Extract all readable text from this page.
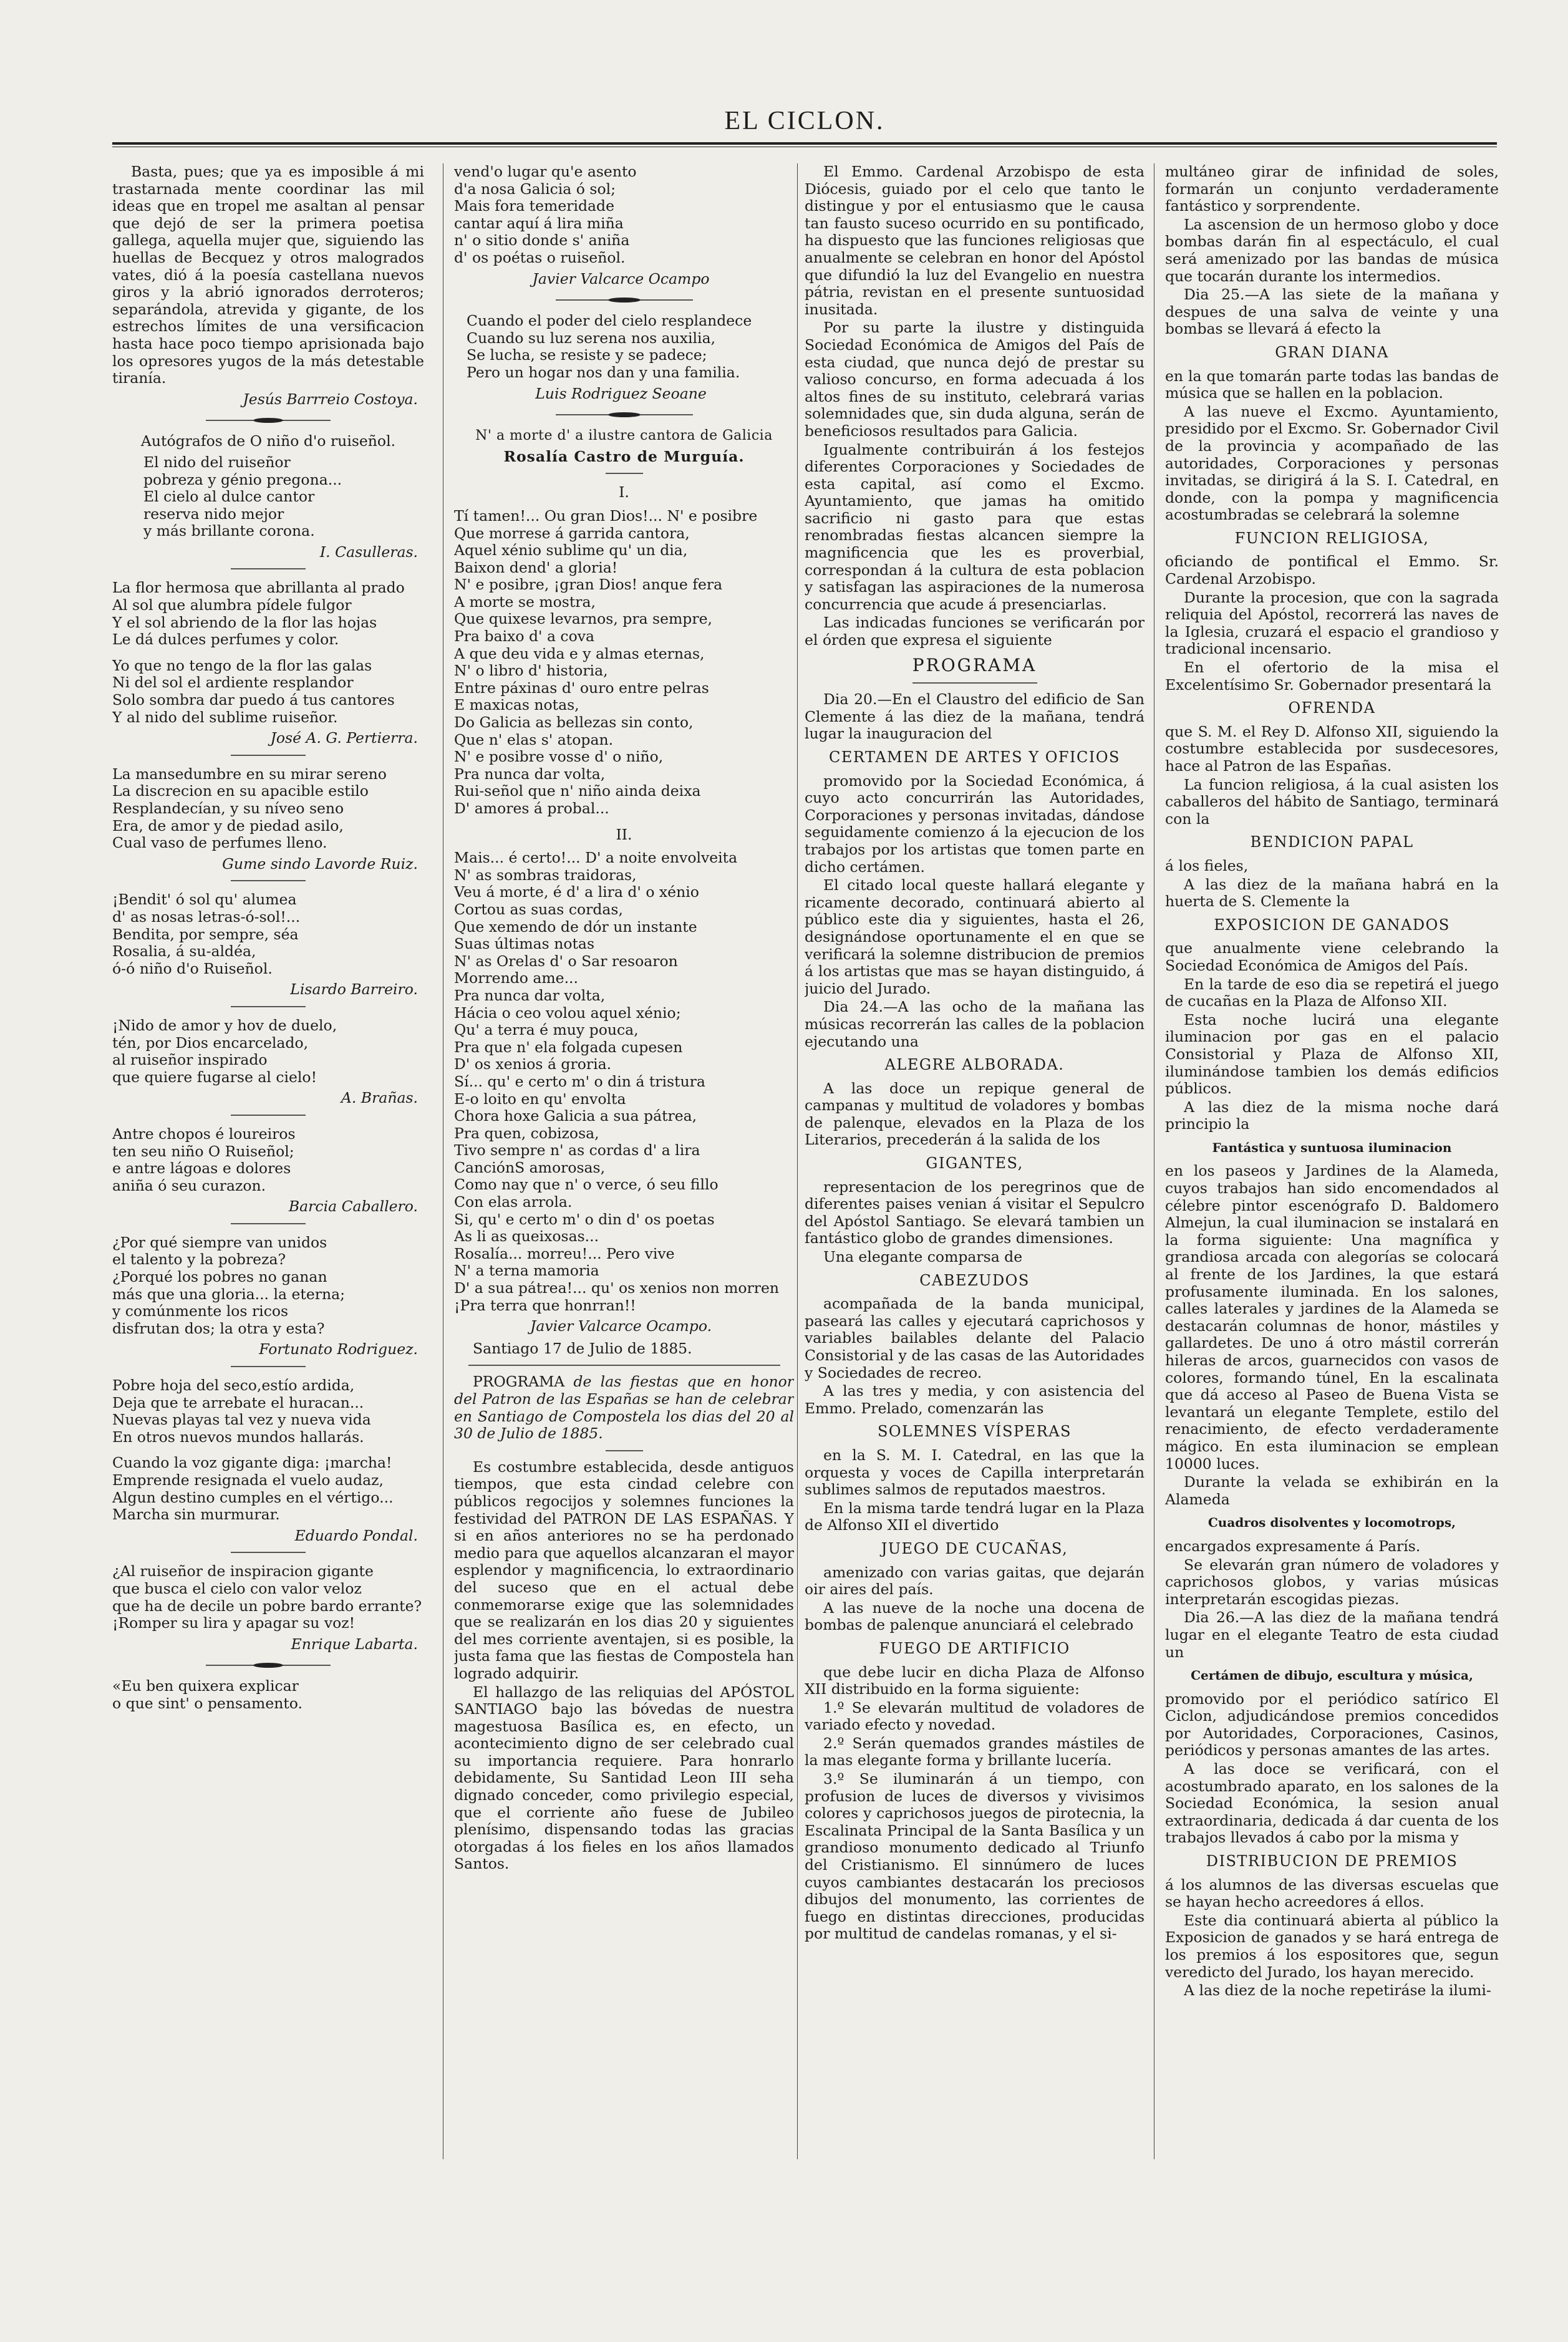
EL CICLON.

Basta, pues; que ya es imposible á mi trastarnada mente coordinar las mil ideas que en tropel me asaltan al pensar que dejó de ser la primera poetisa gallega, aquella mujer que, siguiendo las huellas de Becquez y otros malogrados vates, dió á la poesía castellana nuevos giros y la abrió ignorados derroteros; separándola, atrevida y gigante, de los estrechos límites de una versificacion hasta hace poco tiempo aprisionada bajo los opresores yugos de la más detestable tiranía.

Jesús Barrreio Costoya.
Autógrafos de O niño d'o ruiseñol.
El nido del ruiseñor
pobreza y génio pregona...
El cielo al dulce cantor
reserva nido mejor
y más brillante corona.
I. Casulleras.
La flor hermosa que abrillanta al prado
Al sol que alumbra pídele fulgor
Y el sol abriendo de la flor las hojas
Le dá dulces perfumes y color.
Yo que no tengo de la flor las galas
Ni del sol el ardiente resplandor
Solo sombra dar puedo á tus cantores
Y al nido del sublime ruiseñor.
José A. G. Pertierra.
La mansedumbre en su mirar sereno
La discrecion en su apacible estilo
Resplandecían, y su níveo seno
Era, de amor y de piedad asilo,
Cual vaso de perfumes lleno.
Gume sindo Lavorde Ruiz.
¡Bendit' ó sol qu' alumea
d' as nosas letras-ó-sol!...
Bendita, por sempre, séa
Rosalia, á su-aldéa,
ó-ó niño d'o Ruiseñol.
Lisardo Barreiro.
¡Nido de amor y hov de duelo,
tén, por Dios encarcelado,
al ruiseñor inspirado
que quiere fugarse al cielo!
A. Brañas.
Antre chopos é loureiros
ten seu niño O Ruiseñol;
e antre lágoas e dolores
aniña ó seu curazon.
Barcia Caballero.
¿Por qué siempre van unidos
el talento y la pobreza?
¿Porqué los pobres no ganan
más que una gloria... la eterna;
y comúnmente los ricos
disfrutan dos; la otra y esta?
Fortunato Rodriguez.
Pobre hoja del seco,estío ardida,
Deja que te arrebatе el huracan...
Nuevas playas tal vez y nueva vida
En otros nuevos mundos hallarás.
Cuando la voz gigante diga: ¡marcha!
Emprende resignada el vuelo audaz,
Algun destino cumples en el vértigo...
Marcha sin murmurar.
Eduardo Pondal.
¿Al ruiseñor de inspiracion gigante
que busca el cielo con valor veloz
que ha de decile un pobre bardo errante?
¡Romper su lira y apagar su voz!
Enrique Labarta.
«Eu ben quixera explicar
o que sint' o pensamento.
vend'o lugar qu'e asento
d'a nosa Galicia ó sol;
Mais fora temeridade
cantar aquí á lira miña
n' o sitio donde s' aniña
d' os poétas o ruiseñol.
Javier Valcarce Ocampo
Cuando el poder del cielo resplandece
Cuando su luz serena nos auxilia,
Se lucha, se resiste y se padece;
Pero un hogar nos dan y una familia.
Luis Rodriguez Seoane
N' a morte d' a ilustre cantora de Galicia
Rosalía Castro de Murguía.
I.
Tí tamen!... Ou gran Dios!... N' e posibre
Que morrese á garrida cantora,
Aquel xénio sublime qu' un dia,
Baixon dend' a gloria!
N' e posibre, ¡gran Dios! anque fera
A morte se mostra,
Que quixese levarnos, pra sempre,
Pra baixo d' a cova
A que deu vida e y almas eternas,
N' o libro d' historia,
Entre páxinas d' ouro entre pelras
E maxicas notas,
Do Galicia as bellezas sin conto,
Que n' elas s' atopan.
N' e posibre vosse d' o niño,
Pra nunca dar volta,
Rui-señol que n' niño ainda deixa
D' amores á probal...
II.
Mais... é certo!... D' a noite envolveita
N' as sombras traidoras,
Veu á morte, é d' a lira d' o xénio
Cortou as suas cordas,
Que xemendo de dór un instante
Suas últimas notas
N' as Orelas d' o Sar resoaron
Morrendo ame...
Pra nunca dar volta,
Hácia o ceo volou aquel xénio;
Qu' a terra é muy pouca,
Pra que n' ela folgada cupesen
D' os xenios á groria.
Sí... qu' e certo m' o din á tristura
E-o loito en qu' envolta
Chora hoxe Galicia a sua pátrea,
Pra quen, cobizosa,
Tivo sempre n' as cordas d' a lira
CanciónS amorosas,
Como nay que n' o verce, ó seu fillo
Con elas arrola.
Si, qu' e certo m' o din d' os poetas
As li as queixosas...
Rosalía... morreu!... Pero vive
N' a terna mamoria
D' a sua pátrea!... qu' os xenios non morren
¡Pra terra que honrran!!
Javier Valcarce Ocampo.

Santiago 17 de Julio de 1885.

PROGRAMA de las fiestas que en honor del Patron de las Españas se han de celebrar en Santiago de Compostela los dias del 20 al 30 de Julio de 1885.

Es costumbre establecida, desde antiguos tiempos, que esta cindad celebre con públicos regocijos y solemnes funciones la festividad del PATRON DE LAS ESPAÑAS. Y si en años anteriores no se ha perdonado medio para que aquellos alcanzaran el mayor esplendor y magnificencia, lo extraordinario del suceso que en el actual debe conmemorarse exige que las solemnidades que se realizarán en los dias 20 y siguientes del mes corriente aventajen, si es posible, la justa fama que las fiestas de Compostela han logrado adquirir.

El hallazgo de las reliquias del APÓSTOL SANTIAGO bajo las bóvedas de nuestra magestuosa Basílica es, en efecto, un acontecimiento digno de ser celebrado cual su importancia requiere. Para honrarlo debidamente, Su Santidad Leon III seha dignado conceder, como privilegio especial, que el corriente año fuese de Jubileo plenísimo, dispensando todas las gracias otorgadas á los fieles en los años llamados Santos.

El Emmo. Cardenal Arzobispo de esta Diócesis, guiado por el celo que tanto le distingue y por el entusiasmo que le causa tan fausto suceso ocurrido en su pontificado, ha dispuesto que las funciones religiosas que anualmente se celebran en honor del Apóstol que difundió la luz del Evangelio en nuestra pátria, revistan en el presente suntuosidad inusitada.

Por su parte la ilustre y distinguida Sociedad Económica de Amigos del País de esta ciudad, que nunca dejó de prestar su valioso concurso, en forma adecuada á los altos fines de su instituto, celebrará varias solemnidades que, sin duda alguna, serán de beneficiosos resultados para Galicia.

Igualmente contribuirán á los festejos diferentes Corporaciones y Sociedades de esta capital, así como el Excmo. Ayuntamiento, que jamas ha omitido sacrificio ni gasto para que estas renombradas fiestas alcancen siempre la magnificencia que les es proverbial, correspondan á la cultura de esta poblacion y satisfagan las aspiraciones de la numerosa concurrencia que acude á presenciarlas.

Las indicadas funciones se verificarán por el órden que expresa el siguiente

PROGRAMA

Dia 20.—En el Claustro del edificio de San Clemente á las diez de la mañana, tendrá lugar la inauguracion del

CERTAMEN DE ARTES Y OFICIOS

promovido por la Sociedad Económica, á cuyo acto concurrirán las Autoridades, Corporaciones y personas invitadas, dándose seguidamente comienzo á la ejecucion de los trabajos por los artistas que tomen parte en dicho certámen.

El citado local queste hallará elegante y ricamente decorado, continuará abierto al público este dia y siguientes, hasta el 26, designándose oportunamente el en que se verificará la solemne distribucion de premios á los artistas que mas se hayan distinguido, á juicio del Jurado.

Dia 24.—A las ocho de la mañana las músicas recorrerán las calles de la poblacion ejecutando una

ALEGRE ALBORADA.

A las doce un repique general de campanas y multitud de voladores y bombas de palenque, elevados en la Plaza de los Literarios, precederán á la salida de los

GIGANTES,

representacion de los peregrinos que de diferentes paises venian á visitar el Sepulcro del Apóstol Santiago. Se elevará tambien un fantástico globo de grandes dimensiones.

Una elegante comparsa de

CABEZUDOS

acompañada de la banda municipal, paseará las calles y ejecutará caprichosos y variables bailables delante del Palacio Consistorial y de las casas de las Autoridades y Sociedades de recreo.

A las tres y media, y con asistencia del Emmo. Prelado, comenzarán las

SOLEMNES VÍSPERAS

en la S. M. I. Catedral, en las que la orquesta y voces de Capilla interpretarán sublimes salmos de reputados maestros.

En la misma tarde tendrá lugar en la Plaza de Alfonso XII el divertido

JUEGO DE CUCAÑAS,

amenizado con varias gaitas, que dejarán oir aires del país.

A las nueve de la noche una docena de bombas de palenque anunciará el celebrado

FUEGO DE ARTIFICIO

que debe lucir en dicha Plaza de Alfonso XII distribuido en la forma siguiente:

1.º Se elevarán multitud de voladores de variado efecto y novedad.

2.º Serán quemados grandes mástiles de la mas elegante forma y brillante lucería.

3.º Se iluminarán á un tiempo, con profusion de luces de diversos y vivisimos colores y caprichosos juegos de pirotecnia, la Escalinata Principal de la Santa Basílica y un grandioso monumento dedicado al Triunfo del Cristianismo. El sinnúmero de luces cuyos cambiantes destacarán los preciosos dibujos del monumento, las corrientes de fuego en distintas direcciones, producidas por multitud de candelas romanas, y el si-

multáneo girar de infinidad de soles, formarán un conjunto verdaderamente fantástico y sorprendente.

La ascension de un hermoso globo y doce bombas darán fin al espectáculo, el cual será amenizado por las bandas de música que tocarán durante los intermedios.

Dia 25.—A las siete de la mañana y despues de una salva de veinte y una bombas se llevará á efecto la

GRAN DIANA

en la que tomarán parte todas las bandas de música que se hallen en la poblacion.

A las nueve el Excmo. Ayuntamiento, presidido por el Excmo. Sr. Gobernador Civil de la provincia y acompañado de las autoridades, Corporaciones y personas invitadas, se dirigirá á la S. I. Catedral, en donde, con la pompa y magnificencia acostumbradas se celebrará la solemne

FUNCION RELIGIOSA,

oficiando de pontifical el Emmo. Sr. Cardenal Arzobispo.

Durante la procesion, que con la sagrada reliquia del Apóstol, recorrerá las naves de la Iglesia, cruzará el espacio el grandioso y tradicional incensario.

En el ofertorio de la misa el Excelentísimo Sr. Gobernador presentará la

OFRENDA

que S. M. el Rey D. Alfonso XII, siguiendo la costumbre establecida por susdecesores, hace al Patron de las Españas.

La funcion religiosa, á la cual asisten los caballeros del hábito de Santiago, terminará con la

BENDICION PAPAL

á los fieles,

A las diez de la mañana habrá en la huerta de S. Clemente la

EXPOSICION DE GANADOS

que anualmente viene celebrando la Sociedad Económica de Amigos del País.

En la tarde de eso dia se repetirá el juego de cucañas en la Plaza de Alfonso XII.

Esta noche lucirá una elegante iluminacion por gas en el palacio Consistorial y Plaza de Alfonso XII, iluminándose tambien los demás edificios públicos.

A las diez de la misma noche dará principio la

Fantástica y suntuosa iluminacion

en los paseos y Jardines de la Alameda, cuyos trabajos han sido encomendados al célebre pintor escenógrafo D. Baldomero Almejun, la cual iluminacion se instalará en la forma siguiente: Una magnífica y grandiosa arcada con alegorías se colocará al frente de los Jardines, la que estará profusamente iluminada. En los salones, calles laterales y jardines de la Alameda se destacarán columnas de honor, mástiles y gallardetes. De uno á otro mástil correrán hileras de arcos, guarnecidos con vasos de colores, formando túnel, En la escalinata que dá acceso al Paseo de Buena Vista se levantará un elegante Templete, estilo del renacimiento, de efecto verdaderamente mágico. En esta iluminacion se emplean 10000 luces.

Durante la velada se exhibirán en la Alameda

Cuadros disolventes y locomotrops,

encargados expresamente á París.

Se elevarán gran número de voladores y caprichosos globos, y varias músicas interpretarán escogidas piezas.

Dia 26.—A las diez de la mañana tendrá lugar en el elegante Teatro de esta ciudad un

Certámen de dibujo, escultura y música,

promovido por el periódico satírico El Ciclon, adjudicándose premios concedidos por Autoridades, Corporaciones, Casinos, periódicos y personas amantes de las artes.

A las doce se verificará, con el acostumbrado aparato, en los salones de la Sociedad Económica, la sesion anual extraordinaria, dedicada á dar cuenta de los trabajos llevados á cabo por la misma y

DISTRIBUCION DE PREMIOS

á los alumnos de las diversas escuelas que se hayan hecho acreedores á ellos.

Este dia continuará abierta al público la Exposicion de ganados y se hará entrega de los premios á los espositores que, segun veredicto del Jurado, los hayan merecido.

A las diez de la noche repetiráse la ilumi-
